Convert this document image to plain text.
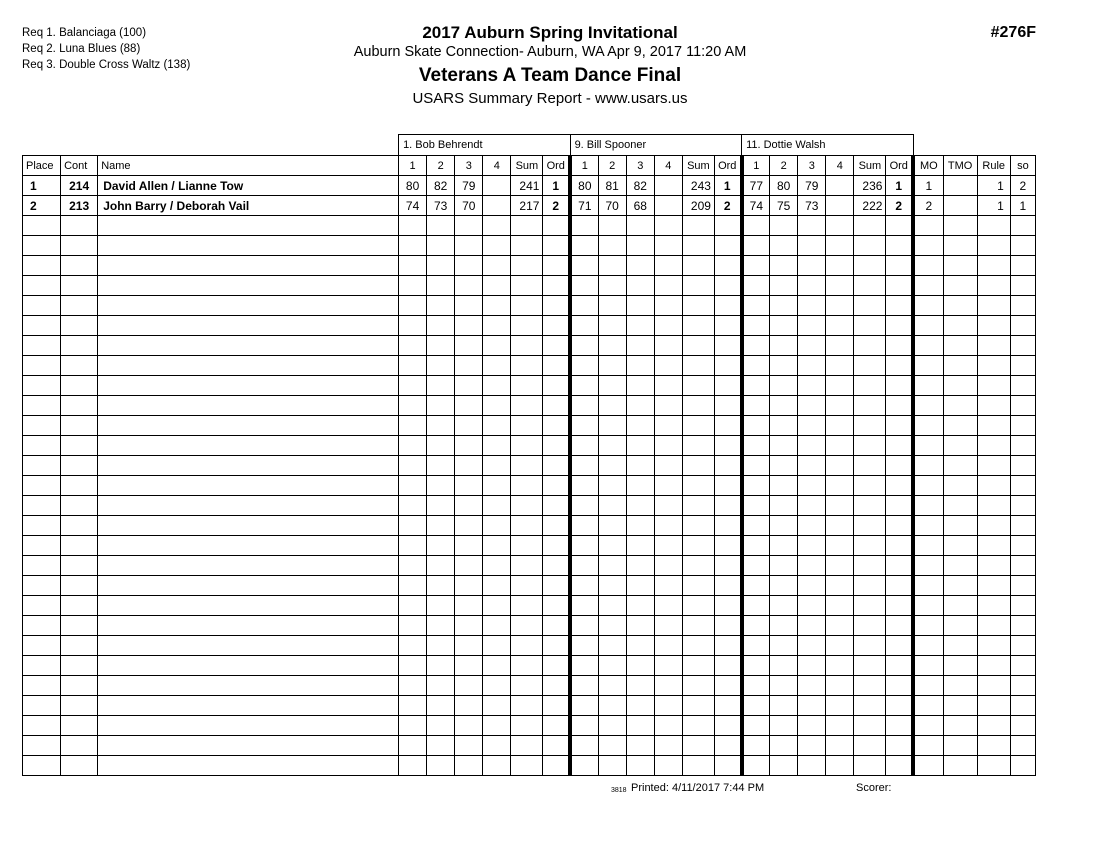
Req 1. Balanciaga (100)
Req 2. Luna Blues (88)
Req 3. Double Cross Waltz (138)
2017 Auburn Spring Invitational
Auburn Skate Connection- Auburn, WA Apr 9, 2017 11:20 AM
Veterans A Team Dance Final
USARS Summary Report - www.usars.us
#276F
			1. Bob Behrendt						9. Bill Spooner						11. Dottie Walsh									
Place	Cont	Name	1	2	3	4	Sum	Ord	1	2	3	4	Sum	Ord	1	2	3	4	Sum	Ord	MO	TMO	Rule	so
1	214	David Allen / Lianne Tow	80	82	79		241	1	80	81	82		243	1	77	80	79		236	1	1		1	2
2	213	John Barry / Deborah Vail	74	73	70		217	2	71	70	68		209	2	74	75	73		222	2	2		1	1

3818 Printed: 4/11/2017 7:44 PM	Scorer:
